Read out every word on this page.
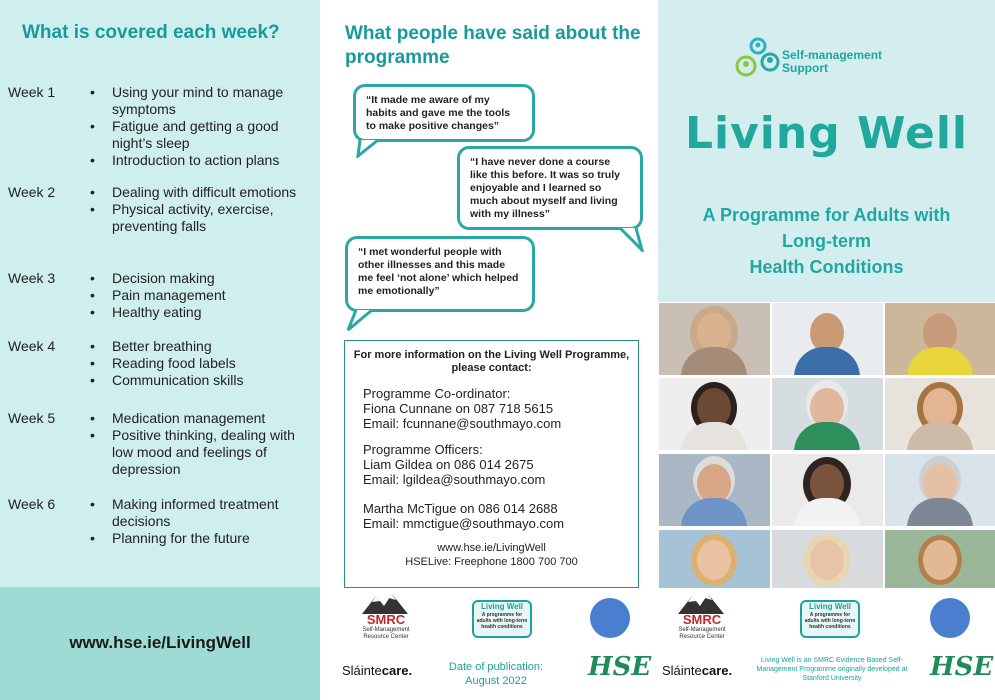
What is covered each week?
Week 1	• Using your mind to manage symptoms
• Fatigue and getting a good night’s sleep
• Introduction to action plans
Week 2	• Dealing with difficult emotions
• Physical activity, exercise, preventing falls
Week 3	• Decision making
• Pain management
• Healthy eating
Week 4	• Better breathing
• Reading food labels
• Communication skills
Week 5	• Medication management
• Positive thinking, dealing with low mood and feelings of depression
Week 6	• Making informed treatment decisions
• Planning for the future
www.hse.ie/LivingWell
What people have said about the programme
“It made me aware of my habits and gave me the tools to make positive changes”
“I have never done a course like this before. It was so truly enjoyable and I learned so much about myself and living with my illness”
“I met wonderful people with other illnesses and this made me feel ‘not alone’ which helped me emotionally”
For more information on the Living Well Programme, please contact:
Programme Co-ordinator:
Fiona Cunnane on 087 718 5615
Email: fcunnane@southmayo.com
Programme Officers:
Liam Gildea on 086 014 2675
Email: lgildea@southmayo.com
Martha McTigue on 086 014 2688
Email: mmctigue@southmayo.com
www.hse.ie/LivingWell
HSELive: Freephone 1800 700 700
Self-management
Support
Living Well
A Programme for Adults with
Long-term
Health Conditions
SMRC
Self-Management Resource Center
Living Well
A programme for adults with long-term health conditions
Sláintecare.	Date of publication:
August 2022	HSE
SMRC
Self-Management Resource Center
Living Well
A programme for adults with long-term health conditions
Sláintecare.
Living Well is an SMRC Evidence Based Self-Management Programme originally developed at Stanford University	HSE
